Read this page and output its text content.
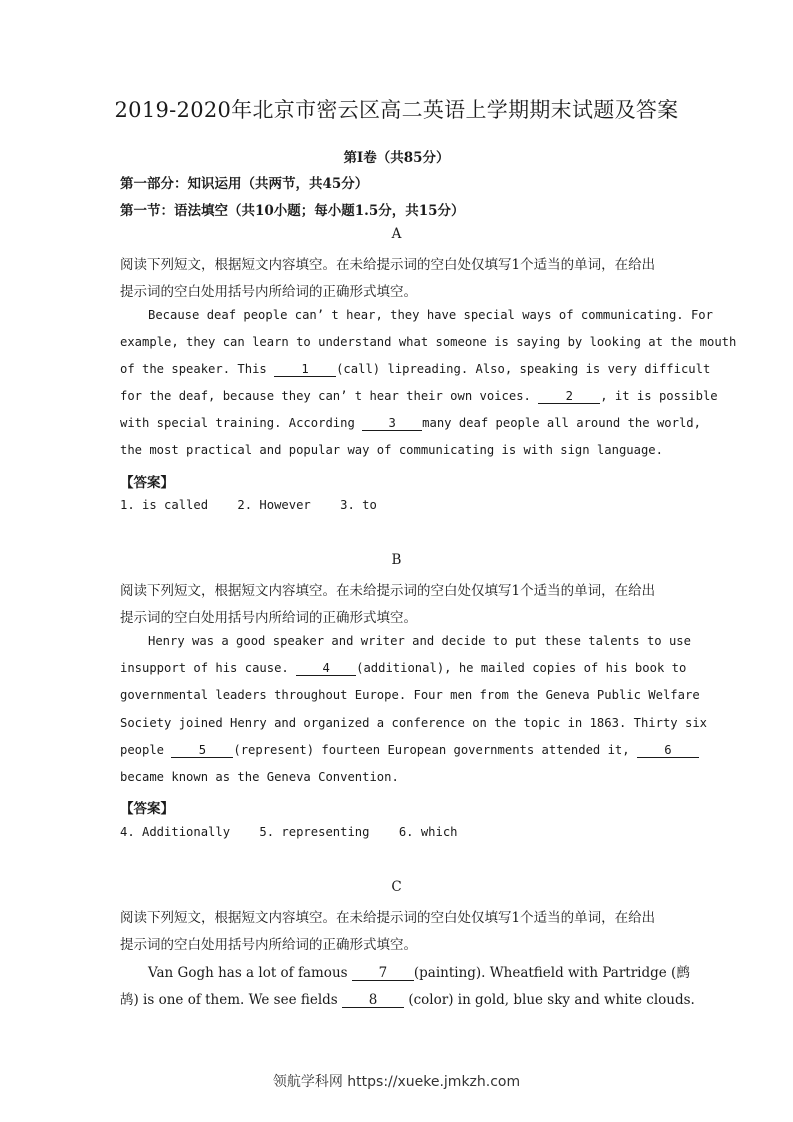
2019-2020年北京市密云区高二英语上学期期末试题及答案
第I卷（共85分）
第一部分：知识运用（共两节，共45分）
第一节：语法填空（共10小题；每小题1.5分，共15分）
A
阅读下列短文，根据短文内容填空。在未给提示词的空白处仅填写1个适当的单词，在给出
提示词的空白处用括号内所给词的正确形式填空。
Because deaf people can’ t hear, they have special ways of communicating. For
example, they can learn to understand what someone is saying by looking at the mouth
of the speaker. This 1 (call) lipreading. Also, speaking is very difficult
for the deaf, because they can’ t hear their own voices. 2 , it is possible
with special training. According 3 many deaf people all around the world,
the most practical and popular way of communicating is with sign language.
【答案】
1. is called    2. However    3. to
B
阅读下列短文，根据短文内容填空。在未给提示词的空白处仅填写1个适当的单词，在给出
提示词的空白处用括号内所给词的正确形式填空。
Henry was a good speaker and writer and decide to put these talents to use
insupport of his cause. 4 (additional), he mailed copies of his book to
governmental leaders throughout Europe. Four men from the Geneva Public Welfare
Society joined Henry and organized a conference on the topic in 1863. Thirty six
people 5 (represent) fourteen European governments attended it, 6
became known as the Geneva Convention.
【答案】
4. Additionally    5. representing    6. which
C
阅读下列短文，根据短文内容填空。在未给提示词的空白处仅填写1个适当的单词，在给出
提示词的空白处用括号内所给词的正确形式填空。
Van Gogh has a lot of famous 7 (painting). Wheatfield with Partridge (鹧
鸪) is one of them. We see fields 8 (color) in gold, blue sky and white clouds.
领航学科网 https://xueke.jmkzh.com
